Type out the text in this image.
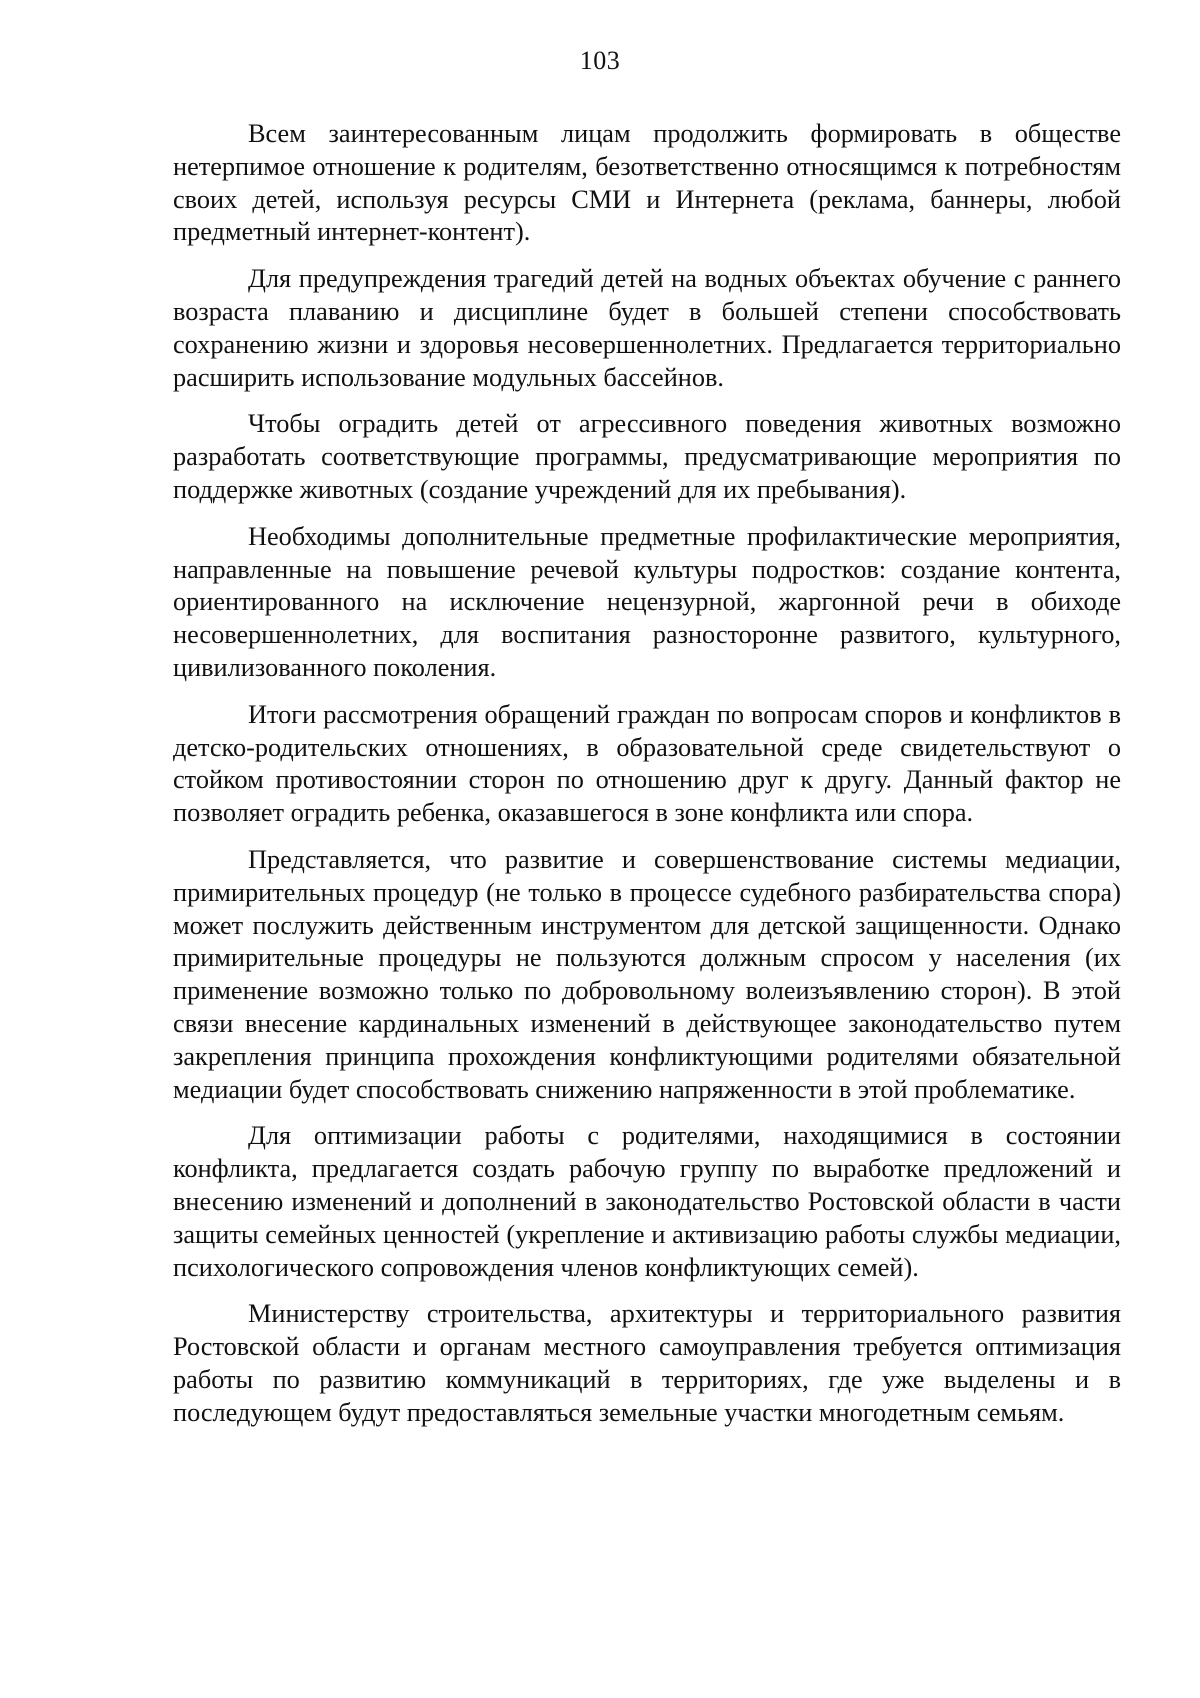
103

Всем заинтересованным лицам продолжить формировать в обществе нетерпимое отношение к родителям, безответственно относящимся к потребностям своих детей, используя ресурсы СМИ и Интернета (реклама, баннеры, любой предметный интернет-контент).

Для предупреждения трагедий детей на водных объектах обучение с раннего возраста плаванию и дисциплине будет в большей степени способствовать сохранению жизни и здоровья несовершеннолетних. Предлагается территориально расширить использование модульных бассейнов.

Чтобы оградить детей от агрессивного поведения животных возможно разработать соответствующие программы, предусматривающие мероприятия по поддержке животных (создание учреждений для их пребывания).

Необходимы дополнительные предметные профилактические мероприятия, направленные на повышение речевой культуры подростков: создание контента, ориентированного на исключение нецензурной, жаргонной речи в обиходе несовершеннолетних, для воспитания разносторонне развитого, культурного, цивилизованного поколения.

Итоги рассмотрения обращений граждан по вопросам споров и конфликтов в детско-родительских отношениях, в образовательной среде свидетельствуют о стойком противостоянии сторон по отношению друг к другу. Данный фактор не позволяет оградить ребенка, оказавшегося в зоне конфликта или спора.

Представляется, что развитие и совершенствование системы медиации, примирительных процедур (не только в процессе судебного разбирательства спора) может послужить действенным инструментом для детской защищенности. Однако примирительные процедуры не пользуются должным спросом у населения (их применение возможно только по добровольному волеизъявлению сторон). В этой связи внесение кардинальных изменений в действующее законодательство путем закрепления принципа прохождения конфликтующими родителями обязательной медиации будет способствовать снижению напряженности в этой проблематике.

Для оптимизации работы с родителями, находящимися в состоянии конфликта, предлагается создать рабочую группу по выработке предложений и внесению изменений и дополнений в законодательство Ростовской области в части защиты семейных ценностей (укрепление и активизацию работы службы медиации, психологического сопровождения членов конфликтующих семей).

Министерству строительства, архитектуры и территориального развития Ростовской области и органам местного самоуправления требуется оптимизация работы по развитию коммуникаций в территориях, где уже выделены и в последующем будут предоставляться земельные участки многодетным семьям.
